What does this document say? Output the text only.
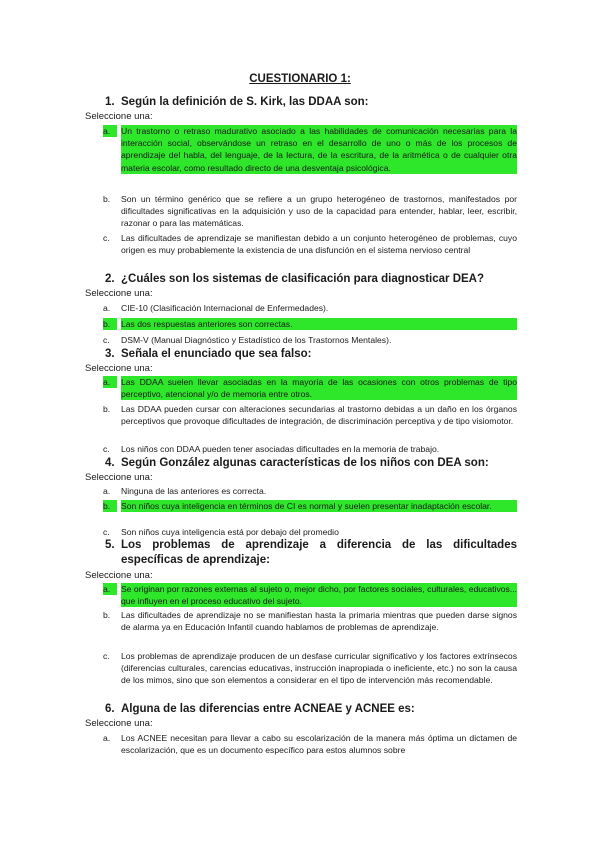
CUESTIONARIO 1:
1. Según la definición de S. Kirk, las DDAA son:
Seleccione una:
a.	Un trastorno o retraso madurativo asociado a las habilidades de comunicación necesarias para la interacción social, observándose un retraso en el desarrollo de uno o más de los procesos de aprendizaje del habla, del lenguaje, de la lectura, de la escritura, de la aritmética o de cualquier otra materia escolar, como resultado directo de una desventaja psicológica.
b.	Son un término genérico que se refiere a un grupo heterogéneo de trastornos, manifestados por dificultades significativas en la adquisición y uso de la capacidad para entender, hablar, leer, escribir, razonar o para las matemáticas.
c.	Las dificultades de aprendizaje se manifiestan debido a un conjunto heterogéneo de problemas, cuyo origen es muy probablemente la existencia de una disfunción en el sistema nervioso central
2. ¿Cuáles son los sistemas de clasificación para diagnosticar DEA?
Seleccione una:
a.	CIE-10 (Clasificación Internacional de Enfermedades).
b.	Las dos respuestas anteriores son correctas.
c.	DSM-V (Manual Diagnóstico y Estadístico de los Trastornos Mentales).
3. Señala el enunciado que sea falso:
Seleccione una:
a.	Las DDAA suelen llevar asociadas en la mayoría de las ocasiones con otros problemas de tipo perceptivo, atencional y/o de memoria entre otros.
b.	Las DDAA pueden cursar con alteraciones secundarias al trastorno debidas a un daño en los órganos perceptivos que provoque dificultades de integración, de discriminación perceptiva y de tipo visiomotor.
c.	Los niños con DDAA pueden tener asociadas dificultades en la memoria de trabajo.
4. Según González algunas características de los niños con DEA son:
Seleccione una:
a.	Ninguna de las anteriores es correcta.
b.	Son niños cuya inteligencia en términos de CI es normal y suelen presentar inadaptación escolar.
c.	Son niños cuya inteligencia está por debajo del promedio
5. Los problemas de aprendizaje a diferencia de las dificultades específicas de aprendizaje:
Seleccione una:
a.	Se originan por razones externas al sujeto o, mejor dicho, por factores sociales, culturales, educativos... que influyen en el proceso educativo del sujeto.
b.	Las dificultades de aprendizaje no se manifiestan hasta la primaria mientras que pueden darse signos de alarma ya en Educación Infantil cuando hablamos de problemas de aprendizaje.
c.	Los problemas de aprendizaje producen de un desfase curricular significativo y los factores extrínsecos (diferencias culturales, carencias educativas, instrucción inapropiada o ineficiente, etc.) no son la causa de los mimos, sino que son elementos a considerar en el tipo de intervención más recomendable.
6. Alguna de las diferencias entre ACNEAE y ACNEE es:
Seleccione una:
a.	Los ACNEE necesitan para llevar a cabo su escolarización de la manera más óptima un dictamen de escolarización, que es un documento específico para estos alumnos sobre
